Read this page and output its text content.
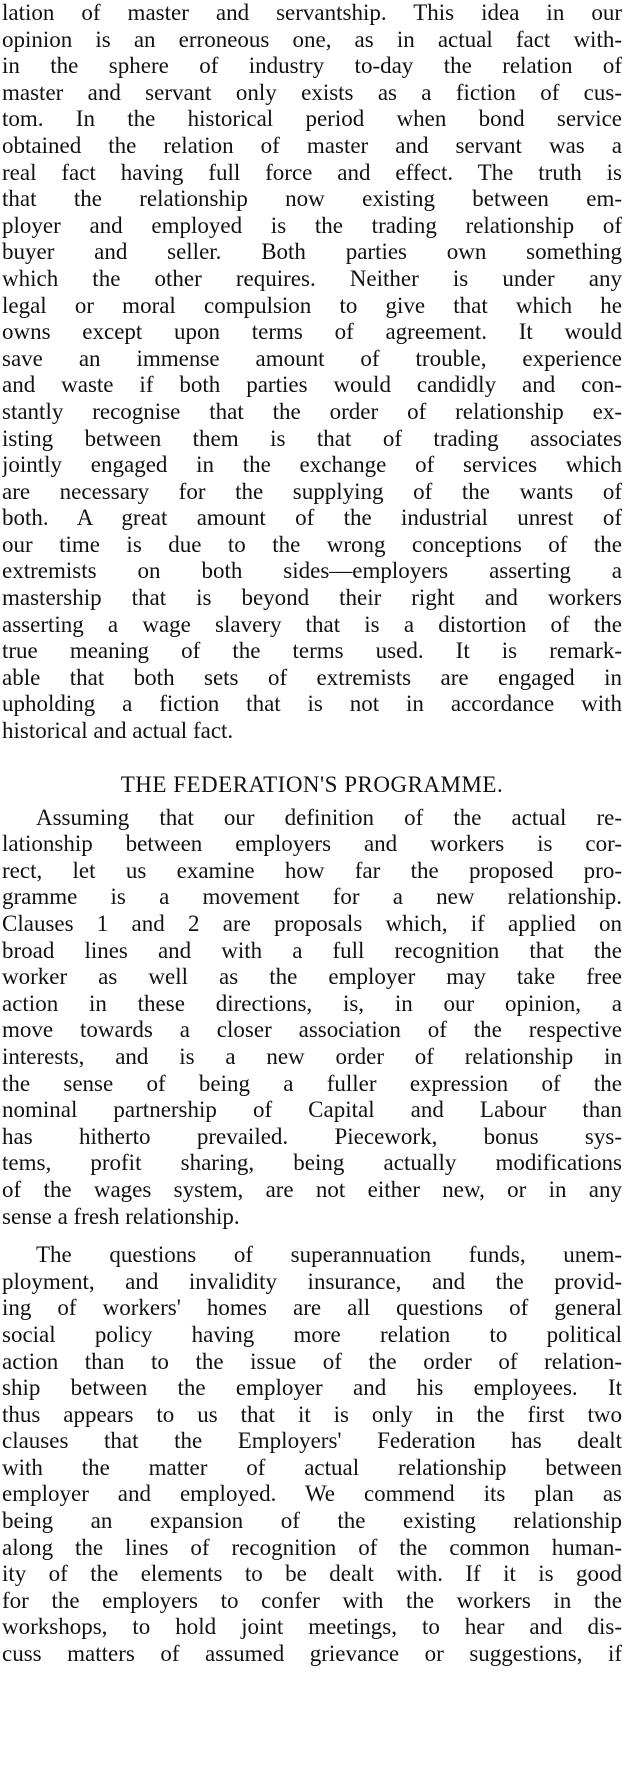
lation of master and servantship. This idea in our
opinion is an erroneous one, as in actual fact with-
in the sphere of industry to-day the relation of
master and servant only exists as a fiction of cus-
tom. In the historical period when bond service
obtained the relation of master and servant was a
real fact having full force and effect. The truth is
that the relationship now existing between em-
ployer and employed is the trading relationship of
buyer and seller. Both parties own something
which the other requires. Neither is under any
legal or moral compulsion to give that which he
owns except upon terms of agreement. It would
save an immense amount of trouble, experience
and waste if both parties would candidly and con-
stantly recognise that the order of relationship ex-
isting between them is that of trading associates
jointly engaged in the exchange of services which
are necessary for the supplying of the wants of
both. A great amount of the industrial unrest of
our time is due to the wrong conceptions of the
extremists on both sides—employers asserting a
mastership that is beyond their right and workers
asserting a wage slavery that is a distortion of the
true meaning of the terms used. It is remark-
able that both sets of extremists are engaged in
upholding a fiction that is not in accordance with
historical and actual fact.
THE FEDERATION'S PROGRAMME.
Assuming that our definition of the actual re-
lationship between employers and workers is cor-
rect, let us examine how far the proposed pro-
gramme is a movement for a new relationship.
Clauses 1 and 2 are proposals which, if applied on
broad lines and with a full recognition that the
worker as well as the employer may take free
action in these directions, is, in our opinion, a
move towards a closer association of the respective
interests, and is a new order of relationship in
the sense of being a fuller expression of the
nominal partnership of Capital and Labour than
has hitherto prevailed. Piecework, bonus sys-
tems, profit sharing, being actually modifications
of the wages system, are not either new, or in any
sense a fresh relationship.
The questions of superannuation funds, unem-
ployment, and invalidity insurance, and the provid-
ing of workers' homes are all questions of general
social policy having more relation to political
action than to the issue of the order of relation-
ship between the employer and his employees. It
thus appears to us that it is only in the first two
clauses that the Employers' Federation has dealt
with the matter of actual relationship between
employer and employed. We commend its plan as
being an expansion of the existing relationship
along the lines of recognition of the common human-
ity of the elements to be dealt with. If it is good
for the employers to confer with the workers in the
workshops, to hold joint meetings, to hear and dis-
cuss matters of assumed grievance or suggestions, if
